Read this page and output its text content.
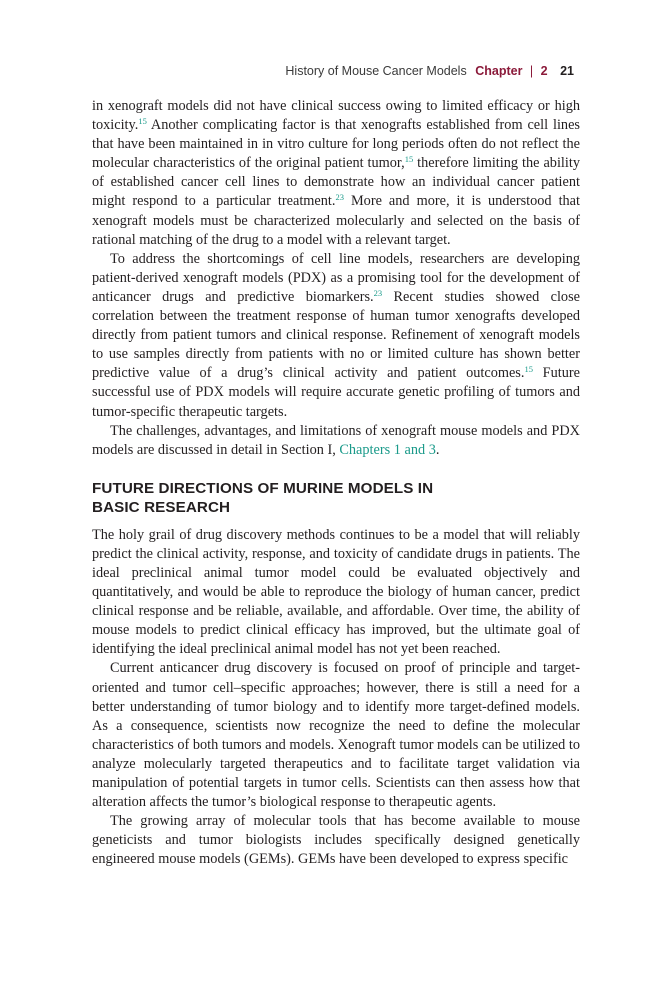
History of Mouse Cancer Models Chapter | 2 21

in xenograft models did not have clinical success owing to limited efficacy or high toxicity.$^{15}$ Another complicating factor is that xenografts established from cell lines that have been maintained in in vitro culture for long periods often do not reflect the molecular characteristics of the original patient tumor,$^{15}$ therefore limiting the ability of established cancer cell lines to demonstrate how an individual cancer patient might respond to a particular treatment.$^{23}$ More and more, it is understood that xenograft models must be characterized molecularly and selected on the basis of rational matching of the drug to a model with a relevant target.

To address the shortcomings of cell line models, researchers are developing patient-derived xenograft models (PDX) as a promising tool for the development of anticancer drugs and predictive biomarkers.$^{23}$ Recent studies showed close correlation between the treatment response of human tumor xenografts developed directly from patient tumors and clinical response. Refinement of xenograft models to use samples directly from patients with no or limited culture has shown better predictive value of a drug’s clinical activity and patient outcomes.$^{15}$ Future successful use of PDX models will require accurate genetic profiling of tumors and tumor-specific therapeutic targets.

The challenges, advantages, and limitations of xenograft mouse models and PDX models are discussed in detail in Section I, Chapters 1 and 3.

FUTURE DIRECTIONS OF MURINE MODELS IN
BASIC RESEARCH

The holy grail of drug discovery methods continues to be a model that will reliably predict the clinical activity, response, and toxicity of candidate drugs in patients. The ideal preclinical animal tumor model could be evaluated objectively and quantitatively, and would be able to reproduce the biology of human cancer, predict clinical response and be reliable, available, and affordable. Over time, the ability of mouse models to predict clinical efficacy has improved, but the ultimate goal of identifying the ideal preclinical animal model has not yet been reached.

Current anticancer drug discovery is focused on proof of principle and target-oriented and tumor cell–specific approaches; however, there is still a need for a better understanding of tumor biology and to identify more target-defined models. As a consequence, scientists now recognize the need to define the molecular characteristics of both tumors and models. Xenograft tumor models can be utilized to analyze molecularly targeted therapeutics and to facilitate target validation via manipulation of potential targets in tumor cells. Scientists can then assess how that alteration affects the tumor’s biological response to therapeutic agents.

The growing array of molecular tools that has become available to mouse geneticists and tumor biologists includes specifically designed genetically engineered mouse models (GEMs). GEMs have been developed to express specific
